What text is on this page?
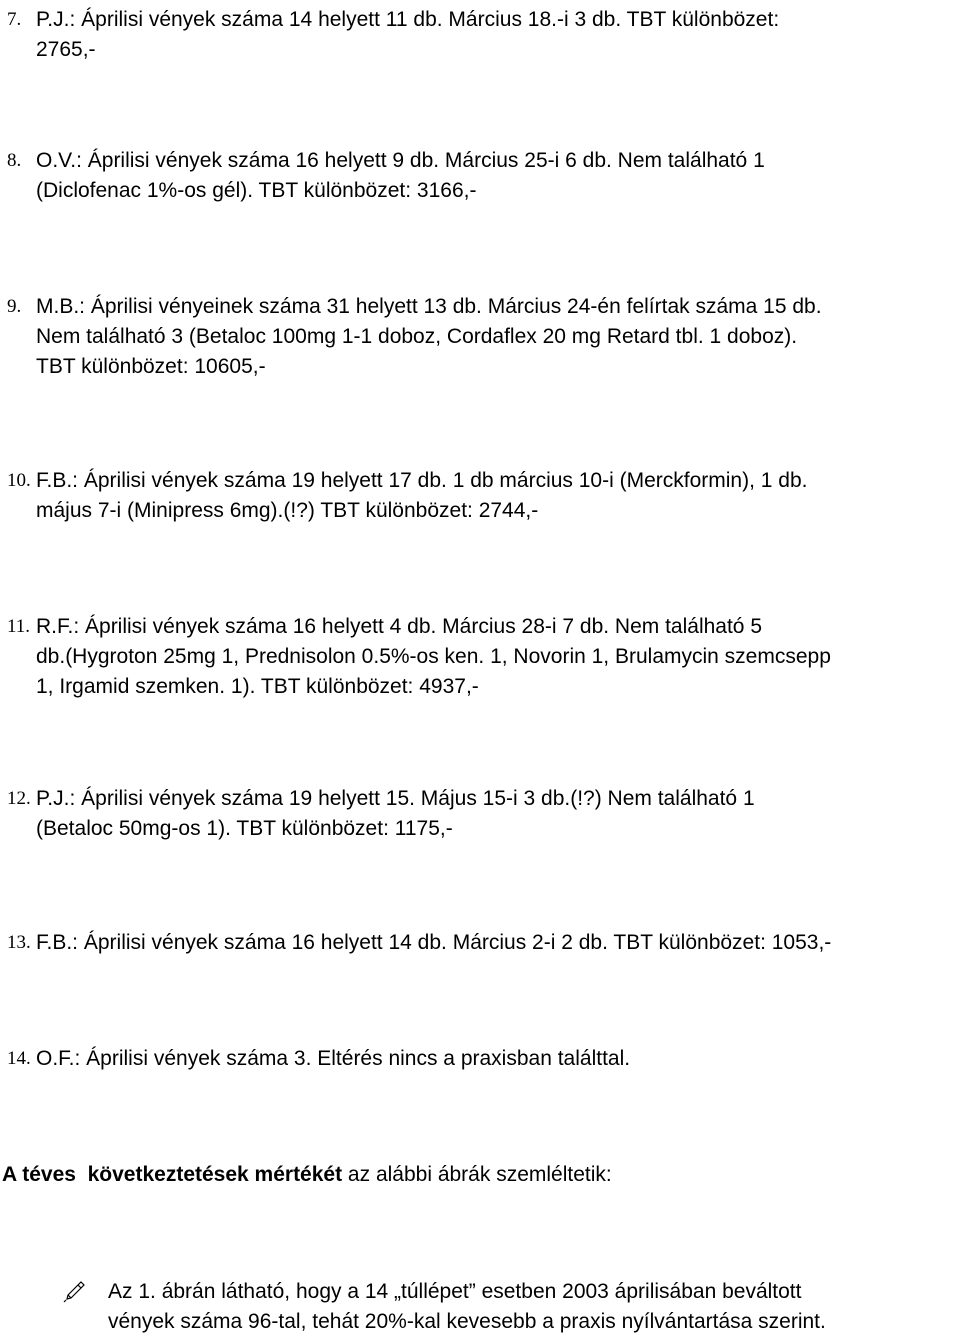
7. P.J.: Áprilisi vények száma 14 helyett 11 db. Március 18.-i 3 db. TBT különbözet:
2765,-
8. O.V.: Áprilisi vények száma 16 helyett 9 db. Március 25-i 6 db. Nem található 1
(Diclofenac 1%-os gél). TBT különbözet: 3166,-
9. M.B.: Áprilisi vényeinek száma 31 helyett 13 db. Március 24-én felírtak száma 15 db.
Nem található 3 (Betaloc 100mg 1-1 doboz, Cordaflex 20 mg Retard tbl. 1 doboz).
TBT különbözet: 10605,-
10. F.B.: Áprilisi vények száma 19 helyett 17 db. 1 db március 10-i (Merckformin), 1 db.
május 7-i (Minipress 6mg).(!?) TBT különbözet: 2744,-
11. R.F.: Áprilisi vények száma 16 helyett 4 db. Március 28-i 7 db. Nem található 5
db.(Hygroton 25mg 1, Prednisolon 0.5%-os ken. 1, Novorin 1, Brulamycin szemcsepp
1, Irgamid szemken. 1). TBT különbözet: 4937,-
12. P.J.: Áprilisi vények száma 19 helyett 15. Május 15-i 3 db.(!?) Nem található 1
(Betaloc 50mg-os 1). TBT különbözet: 1175,-
13. F.B.: Áprilisi vények száma 16 helyett 14 db. Március 2-i 2 db. TBT különbözet: 1053,-
14. O.F.: Áprilisi vények száma 3. Eltérés nincs a praxisban találttal.
A téves következtetések mértékét az alábbi ábrák szemléltetik:
Az 1. ábrán látható, hogy a 14 „túllépet” esetben 2003 áprilisában beváltott
vények száma 96-tal, tehát 20%-kal kevesebb a praxis nyílvántartása szerint.
